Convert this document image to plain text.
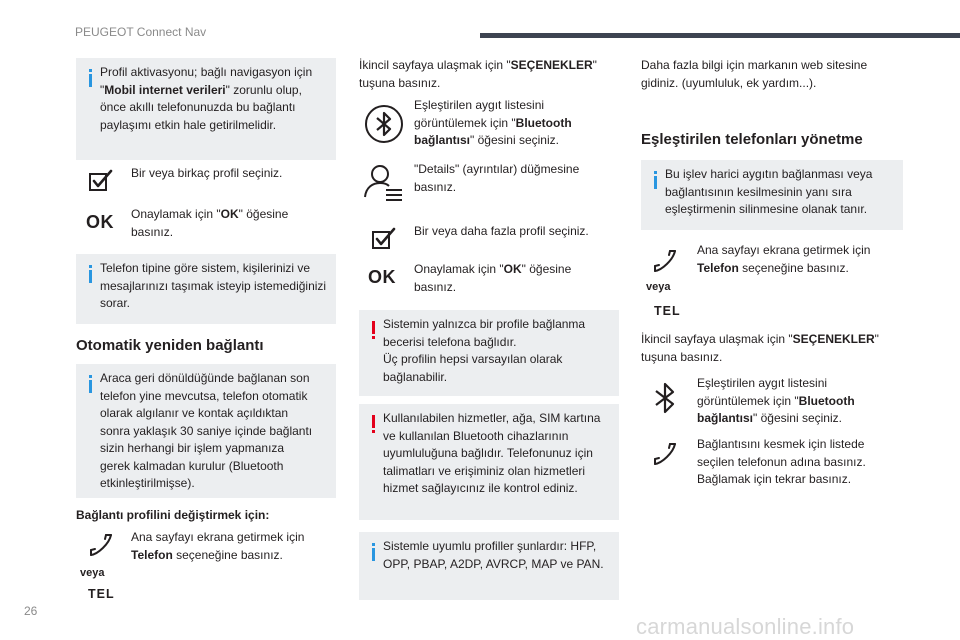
PEUGEOT Connect Nav
26
carmanualsonline.info
Profil aktivasyonu; bağlı navigasyon için
"Mobil internet verileri" zorunlu olup,
önce akıllı telefonunuzda bu bağlantı
paylaşımı etkin hale getirilmelidir.
Bir veya birkaç profil seçiniz.
OK Onaylamak için "OK" öğesine
basınız.
Telefon tipine göre sistem, kişilerinizi ve
mesajlarınızı taşımak isteyip istemediğinizi
sorar.
Otomatik yeniden bağlantı
Araca geri dönüldüğünde bağlanan son
telefon yine mevcutsa, telefon otomatik
olarak algılanır ve kontak açıldıktan
sonra yaklaşık 30 saniye içinde bağlantı
sizin herhangi bir işlem yapmanıza
gerek kalmadan kurulur (Bluetooth
etkinleştirilmişse).
Bağlantı profilini değiştirmek için:
veya
TEL
Ana sayfayı ekrana getirmek için
Telefon seçeneğine basınız.
İkincil sayfaya ulaşmak için "SEÇENEKLER"
tuşuna basınız.
Eşleştirilen aygıt listesini
görüntülemek için "Bluetooth
bağlantısı" öğesini seçiniz.
"Details" (ayrıntılar) düğmesine
basınız.
Bir veya daha fazla profil seçiniz.
OK Onaylamak için "OK" öğesine
basınız.
Sistemin yalnızca bir profile bağlanma
becerisi telefona bağlıdır.
Üç profilin hepsi varsayılan olarak
bağlanabilir.
Kullanılabilen hizmetler, ağa, SIM kartına
ve kullanılan Bluetooth cihazlarının
uyumluluğuna bağlıdır. Telefonunuz için
talimatları ve erişiminiz olan hizmetleri
hizmet sağlayıcınız ile kontrol ediniz.
Sistemle uyumlu profiller şunlardır: HFP,
OPP, PBAP, A2DP, AVRCP, MAP ve PAN.
Daha fazla bilgi için markanın web sitesine
gidiniz. (uyumluluk, ek yardım...).
Eşleştirilen telefonları yönetme
Bu işlev harici aygıtın bağlanması veya
bağlantısının kesilmesinin yanı sıra
eşleştirmenin silinmesine olanak tanır.
veya
TEL
Ana sayfayı ekrana getirmek için
Telefon seçeneğine basınız.
İkincil sayfaya ulaşmak için "SEÇENEKLER"
tuşuna basınız.
Eşleştirilen aygıt listesini
görüntülemek için "Bluetooth
bağlantısı" öğesini seçiniz.
Bağlantısını kesmek için listede
seçilen telefonun adına basınız.
Bağlamak için tekrar basınız.
